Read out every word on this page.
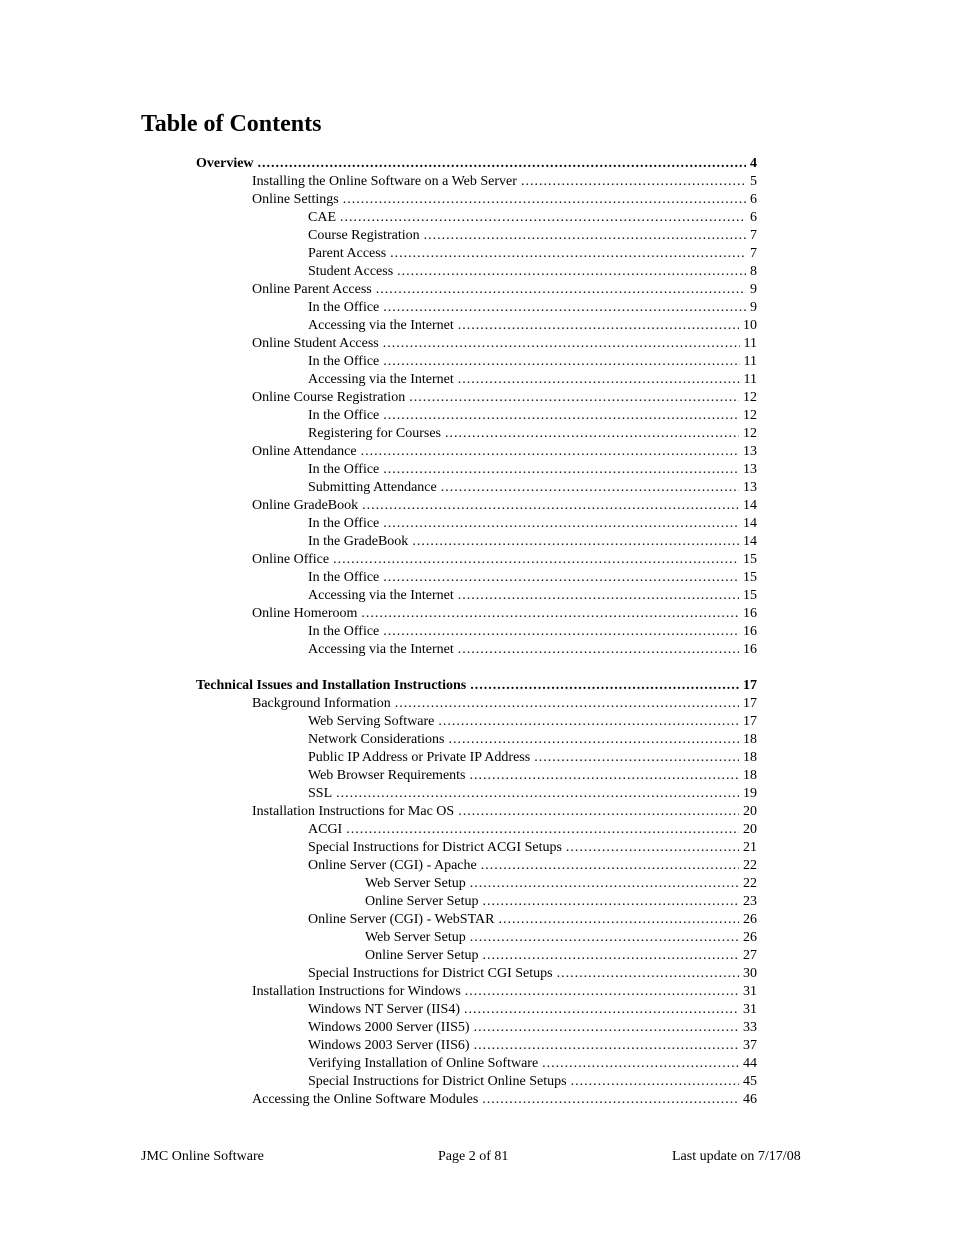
Table of Contents
Overview .....	4
Installing the Online Software on a Web Server .....	5
Online Settings .....	6
CAE .....	6
Course Registration .....	7
Parent Access .....	7
Student Access .....	8
Online Parent Access .....	9
In the Office .....	9
Accessing via the Internet .....	10
Online Student Access .....	11
In the Office .....	11
Accessing via the Internet .....	11
Online Course Registration .....	12
In the Office .....	12
Registering for Courses .....	12
Online Attendance .....	13
In the Office .....	13
Submitting Attendance .....	13
Online GradeBook .....	14
In the Office .....	14
In the GradeBook .....	14
Online Office .....	15
In the Office .....	15
Accessing via the Internet .....	15
Online Homeroom .....	16
In the Office .....	16
Accessing via the Internet .....	16
Technical Issues and Installation Instructions .....	17
Background Information .....	17
Web Serving Software .....	17
Network Considerations .....	18
Public IP Address or Private IP Address .....	18
Web Browser Requirements .....	18
SSL .....	19
Installation Instructions for Mac OS .....	20
ACGI .....	20
Special Instructions for District ACGI Setups .....	21
Online Server (CGI) - Apache .....	22
Web Server Setup .....	22
Online Server Setup .....	23
Online Server (CGI) - WebSTAR .....	26
Web Server Setup .....	26
Online Server Setup .....	27
Special Instructions for District CGI Setups .....	30
Installation Instructions for Windows .....	31
Windows NT Server (IIS4) .....	31
Windows 2000 Server (IIS5) .....	33
Windows 2003 Server (IIS6) .....	37
Verifying Installation of Online Software .....	44
Special Instructions for District Online Setups .....	45
Accessing the Online Software Modules .....	46
JMC Online Software	Page 2 of 81	Last update on 7/17/08
